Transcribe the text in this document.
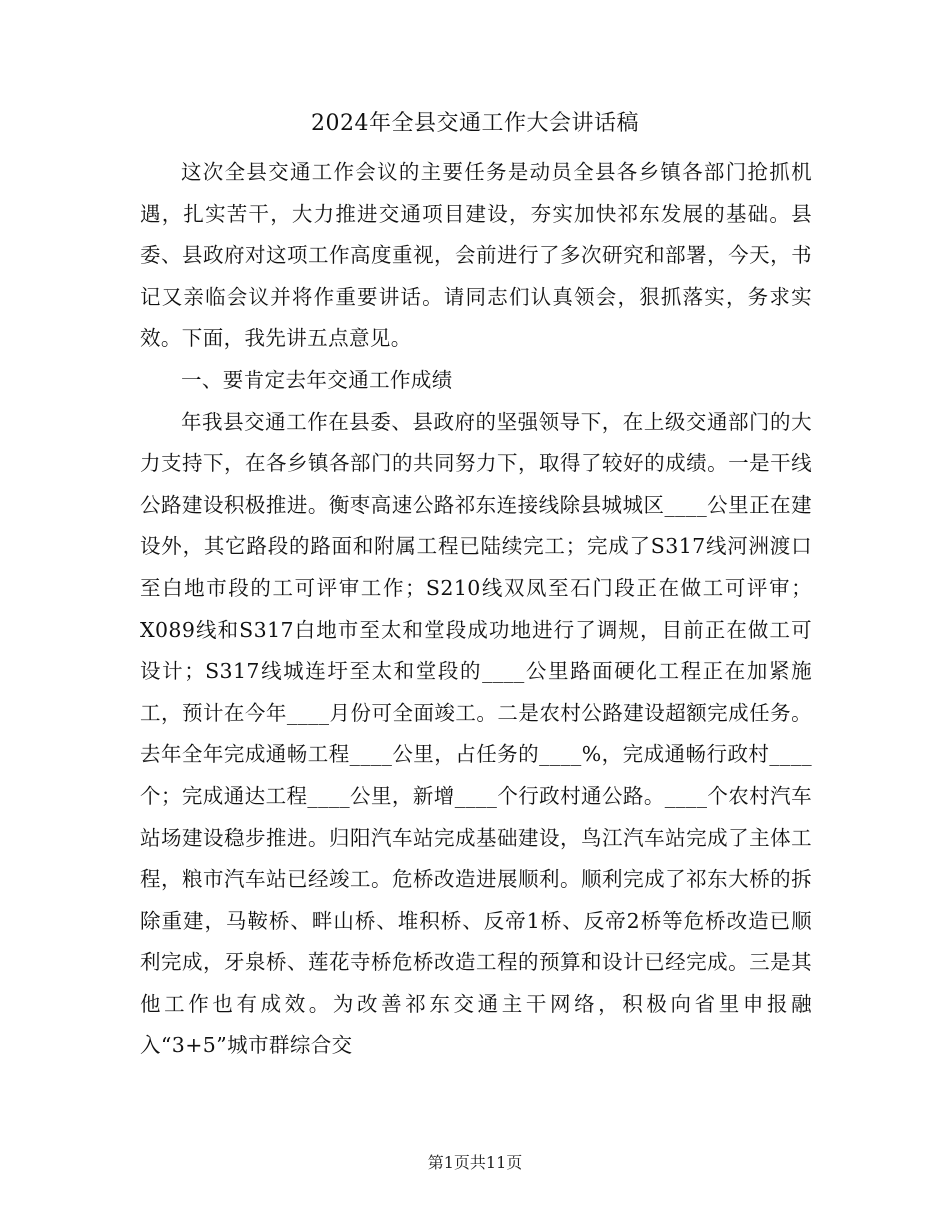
2024年全县交通工作大会讲话稿

这次全县交通工作会议的主要任务是动员全县各乡镇各部门抢抓机遇，扎实苦干，大力推进交通项目建设，夯实加快祁东发展的基础。县委、县政府对这项工作高度重视，会前进行了多次研究和部署，今天，书记又亲临会议并将作重要讲话。请同志们认真领会，狠抓落实，务求实效。下面，我先讲五点意见。

一、要肯定去年交通工作成绩

年我县交通工作在县委、县政府的坚强领导下，在上级交通部门的大力支持下，在各乡镇各部门的共同努力下，取得了较好的成绩。一是干线公路建设积极推进。衡枣高速公路祁东连接线除县城城区____公里正在建设外，其它路段的路面和附属工程已陆续完工；完成了S317线河洲渡口至白地市段的工可评审工作；S210线双凤至石门段正在做工可评审；X089线和S317白地市至太和堂段成功地进行了调规，目前正在做工可设计；S317线城连圩至太和堂段的____公里路面硬化工程正在加紧施工，预计在今年____月份可全面竣工。二是农村公路建设超额完成任务。去年全年完成通畅工程____公里，占任务的____%，完成通畅行政村____个；完成通达工程____公里，新增____个行政村通公路。____个农村汽车站场建设稳步推进。归阳汽车站完成基础建设，鸟江汽车站完成了主体工程，粮市汽车站已经竣工。危桥改造进展顺利。顺利完成了祁东大桥的拆除重建，马鞍桥、畔山桥、堆积桥、反帝1桥、反帝2桥等危桥改造已顺利完成，牙泉桥、莲花寺桥危桥改造工程的预算和设计已经完成。三是其他工作也有成效。为改善祁东交通主干网络，积极向省里申报融入“3+5”城市群综合交

第1页共11页
